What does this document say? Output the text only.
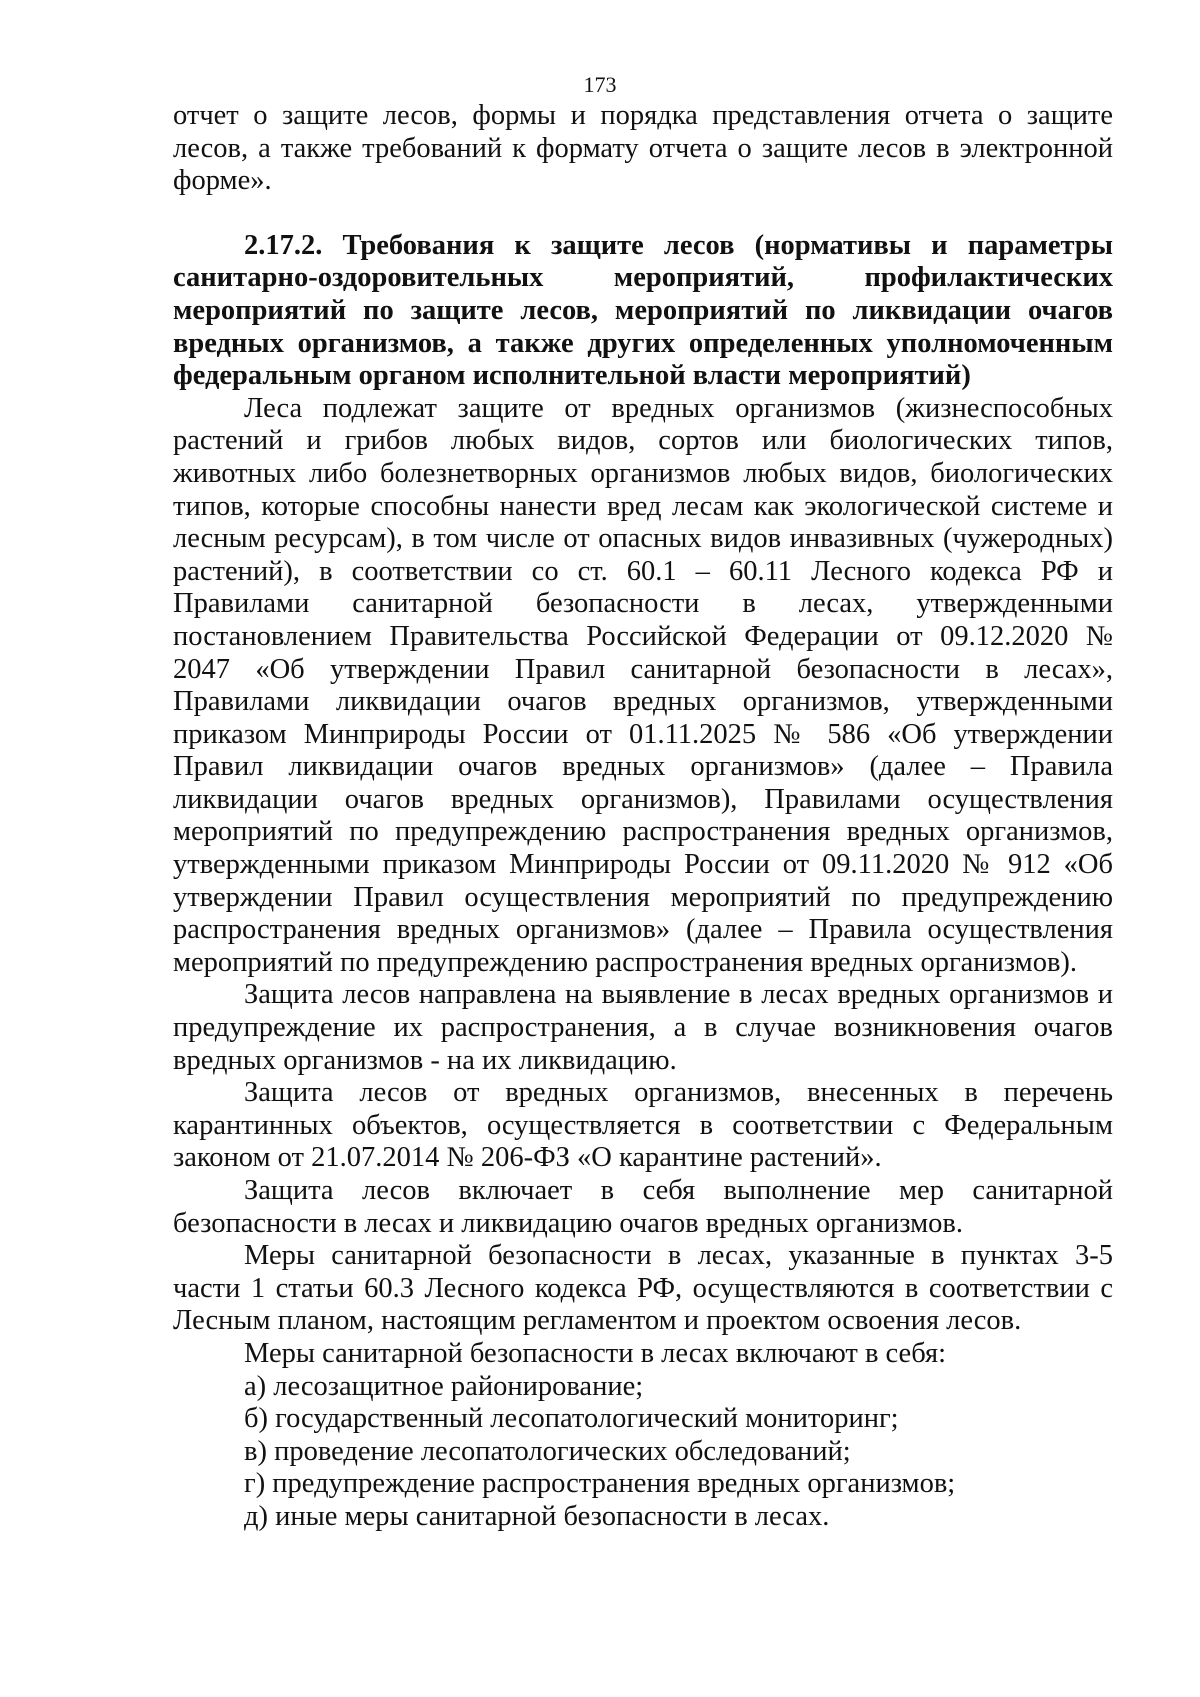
173

отчет о защите лесов, формы и порядка представления отчета о защите лесов, а также требований к формату отчета о защите лесов в электронной форме».

2.17.2. Требования к защите лесов (нормативы и параметры санитарно-оздоровительных мероприятий, профилактических мероприятий по защите лесов, мероприятий по ликвидации очагов вредных организмов, а также других определенных уполномоченным федеральным органом исполнительной власти мероприятий)

Леса подлежат защите от вредных организмов (жизнеспособных растений и грибов любых видов, сортов или биологических типов, животных либо болезнетворных организмов любых видов, биологических типов, которые способны нанести вред лесам как экологической системе и лесным ресурсам), в том числе от опасных видов инвазивных (чужеродных) растений), в соответствии со ст. 60.1 – 60.11 Лесного кодекса РФ и Правилами санитарной безопасности в лесах, утвержденными постановлением Правительства Российской Федерации от 09.12.2020 № 2047 «Об утверждении Правил санитарной безопасности в лесах», Правилами ликвидации очагов вредных организмов, утвержденными приказом Минприроды России от 01.11.2025 № 586 «Об утверждении Правил ликвидации очагов вредных организмов» (далее – Правила ликвидации очагов вредных организмов), Правилами осуществления мероприятий по предупреждению распространения вредных организмов, утвержденными приказом Минприроды России от 09.11.2020 № 912 «Об утверждении Правил осуществления мероприятий по предупреждению распространения вредных организмов» (далее – Правила осуществления мероприятий по предупреждению распространения вредных организмов).

Защита лесов направлена на выявление в лесах вредных организмов и предупреждение их распространения, а в случае возникновения очагов вредных организмов - на их ликвидацию.

Защита лесов от вредных организмов, внесенных в перечень карантинных объектов, осуществляется в соответствии с Федеральным законом от 21.07.2014 № 206-ФЗ «О карантине растений».

Защита лесов включает в себя выполнение мер санитарной безопасности в лесах и ликвидацию очагов вредных организмов.

Меры санитарной безопасности в лесах, указанные в пунктах 3-5 части 1 статьи 60.3 Лесного кодекса РФ, осуществляются в соответствии с Лесным планом, настоящим регламентом и проектом освоения лесов.

Меры санитарной безопасности в лесах включают в себя:

а) лесозащитное районирование;

б) государственный лесопатологический мониторинг;

в) проведение лесопатологических обследований;

г) предупреждение распространения вредных организмов;

д) иные меры санитарной безопасности в лесах.
